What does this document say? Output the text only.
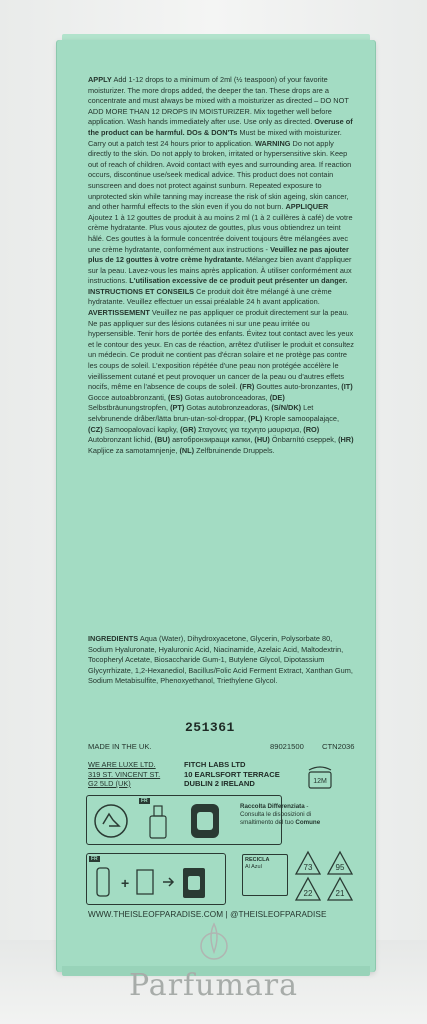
APPLY Add 1-12 drops to a minimum of 2ml (½ teaspoon) of your favorite moisturizer. The more drops added, the deeper the tan. These drops are a concentrate and must always be mixed with a moisturizer as directed – DO NOT ADD MORE THAN 12 DROPS IN MOISTURIZER. Mix together well before application. Wash hands immediately after use. Use only as directed. Overuse of the product can be harmful. DOs & DON'Ts Must be mixed with moisturizer. Carry out a patch test 24 hours prior to application. WARNING Do not apply directly to the skin. Do not apply to broken, irritated or hypersensitive skin. Keep out of reach of children. Avoid contact with eyes and surrounding area. If reaction occurs, discontinue use/seek medical advice. This product does not contain sunscreen and does not protect against sunburn. Repeated exposure to unprotected skin while tanning may increase the risk of skin ageing, skin cancer, and other harmful effects to the skin even if you do not burn. APPLIQUER Ajoutez 1 à 12 gouttes de produit à au moins 2 ml (1 à 2 cuillères à café) de votre crème hydratante. Plus vous ajoutez de gouttes, plus vous obtiendrez un teint hâlé. Ces gouttes à la formule concentrée doivent toujours être mélangées avec une crème hydratante, conformément aux instructions - Veuillez ne pas ajouter plus de 12 gouttes à votre crème hydratante. Mélangez bien avant d'appliquer sur la peau. Lavez-vous les mains après application. À utiliser conformément aux instructions. L'utilisation excessive de ce produit peut présenter un danger. INSTRUCTIONS ET CONSEILS Ce produit doit être mélangé à une crème hydratante. Veuillez effectuer un essai préalable 24 h avant application. AVERTISSEMENT Veuillez ne pas appliquer ce produit directement sur la peau. Ne pas appliquer sur des lésions cutanées ni sur une peau irritée ou hypersensible. Tenir hors de portée des enfants. Évitez tout contact avec les yeux et le contour des yeux. En cas de réaction, arrêtez d'utiliser le produit et consultez un médecin. Ce produit ne contient pas d'écran solaire et ne protège pas contre les coups de soleil. L'exposition répétée d'une peau non protégée accélère le vieillissement cutané et peut provoquer un cancer de la peau ou d'autres effets nocifs, même en l'absence de coups de soleil. (FR) Gouttes auto-bronzantes, (IT) Gocce autoabbronzanti, (ES) Gotas autobronceadoras, (DE) Selbstbräunungstropfen, (PT) Gotas autobronzeadoras, (S/N/DK) Let selvbrunende dråber/lätta brun-utan-sol-droppar, (PL) Krople samoopalające, (CZ) Samoopalovací kapky, (GR) Σταγονες για τεχνητο μαυρισμα, (RO) Autobronzant lichid, (BU) автобронзиращи капки, (HU) Önbarnító cseppek, (HR) Kapljice za samotamnjenje, (NL) Zelfbruinende Druppels.
INGREDIENTS Aqua (Water), Dihydroxyacetone, Glycerin, Polysorbate 80, Sodium Hyaluronate, Hyaluronic Acid, Niacinamide, Azelaic Acid, Maltodextrin, Tocopheryl Acetate, Biosaccharide Gum-1, Butylene Glycol, Dipotassium Glycyrrhizate, 1,2-Hexanediol, Bacillus/Folic Acid Ferment Extract, Xanthan Gum, Sodium Metabisulfite, Phenoxyethanol, Triethylene Glycol.
251361
MADE IN THE UK.	89021500 CTN2036
WE ARE LUXE LTD.
319 ST. VINCENT ST.
G2 5LD (UK)
FITCH LABS LTD
10 EARLSFORT TERRACE
DUBLIN 2 IRELAND	12M
FR
Raccolta Differenziata - Consulta le disposizioni di smaltimento del tuo Comune
FR
+
RECICLA
Al Azul	73	95
22	21
WWW.THEISLEOFPARADISE.COM | @THEISLEOFPARADISE
Parfumara
